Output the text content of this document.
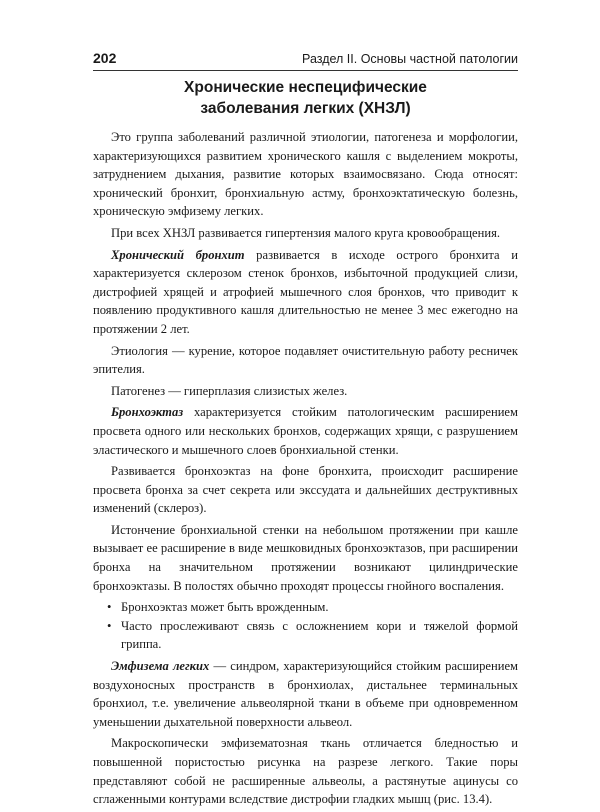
202	Раздел II. Основы частной патологии
Хронические неспецифические
заболевания легких (ХНЗЛ)

Это группа заболеваний различной этиологии, патогенеза и морфологии, характеризующихся развитием хронического кашля с выделением мокроты, затруднением дыхания, развитие которых взаимосвязано. Сюда относят: хронический бронхит, бронхиальную астму, бронхоэктатическую болезнь, хроническую эмфизему легких.

При всех ХНЗЛ развивается гипертензия малого круга кровообращения.

Хронический бронхит развивается в исходе острого бронхита и характеризуется склерозом стенок бронхов, избыточной продукцией слизи, дистрофией хрящей и атрофией мышечного слоя бронхов, что приводит к появлению продуктивного кашля длительностью не менее 3 мес ежегодно на протяжении 2 лет.

Этиология — курение, которое подавляет очистительную работу ресничек эпителия.

Патогенез — гиперплазия слизистых желез.

Бронхоэктаз характеризуется стойким патологическим расширением просвета одного или нескольких бронхов, содержащих хрящи, с разрушением эластического и мышечного слоев бронхиальной стенки.

Развивается бронхоэктаз на фоне бронхита, происходит расширение просвета бронха за счет секрета или экссудата и дальнейших деструктивных изменений (склероз).

Истончение бронхиальной стенки на небольшом протяжении при кашле вызывает ее расширение в виде мешковидных бронхоэктазов, при расширении бронха на значительном протяжении возникают цилиндрические бронхоэктазы. В полостях обычно проходят процессы гнойного воспаления.

• Бронхоэктаз может быть врожденным.
• Часто прослеживают связь с осложнением кори и тяжелой формой гриппа.

Эмфизема легких — синдром, характеризующийся стойким расширением воздухоносных пространств в бронхиолах, дистальнее терминальных бронхиол, т.е. увеличение альвеолярной ткани в объеме при одновременном уменьшении дыхательной поверхности альвеол.

Макроскопически эмфизематозная ткань отличается бледностью и повышенной пористостью рисунка на разрезе легкого. Такие поры представляют собой не расширенные альвеолы, а растянутые ацинусы со сглаженными контурами вследствие дистрофии гладких мышц (рис. 13.4).
